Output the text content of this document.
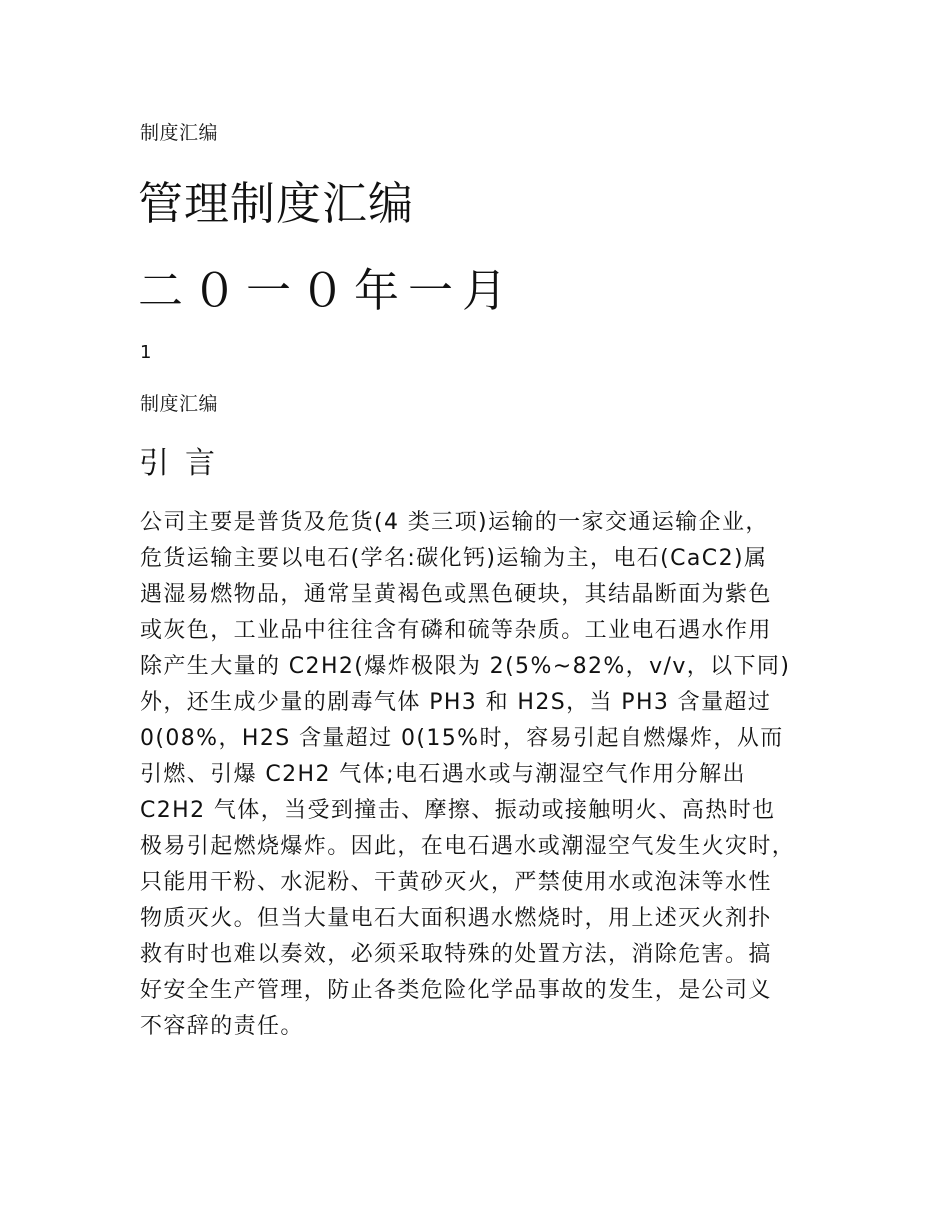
制度汇编
管理制度汇编
二０一０年一月
1
制度汇编
引言
公司主要是普货及危货(4 类三项)运输的一家交通运输企业，
危货运输主要以电石(学名:碳化钙)运输为主，电石(CaC2)属
遇湿易燃物品，通常呈黄褐色或黑色硬块，其结晶断面为紫色
或灰色，工业品中往往含有磷和硫等杂质。工业电石遇水作用
除产生大量的 C2H2(爆炸极限为 2(5%~82%，v/v，以下同)
外，还生成少量的剧毒气体 PH3 和 H2S，当 PH3 含量超过
0(08%，H2S 含量超过 0(15%时，容易引起自燃爆炸，从而
引燃、引爆 C2H2 气体;电石遇水或与潮湿空气作用分解出
C2H2 气体，当受到撞击、摩擦、振动或接触明火、高热时也
极易引起燃烧爆炸。因此，在电石遇水或潮湿空气发生火灾时，
只能用干粉、水泥粉、干黄砂灭火，严禁使用水或泡沫等水性
物质灭火。但当大量电石大面积遇水燃烧时，用上述灭火剂扑
救有时也难以奏效，必须采取特殊的处置方法，消除危害。搞
好安全生产管理，防止各类危险化学品事故的发生，是公司义
不容辞的责任。
